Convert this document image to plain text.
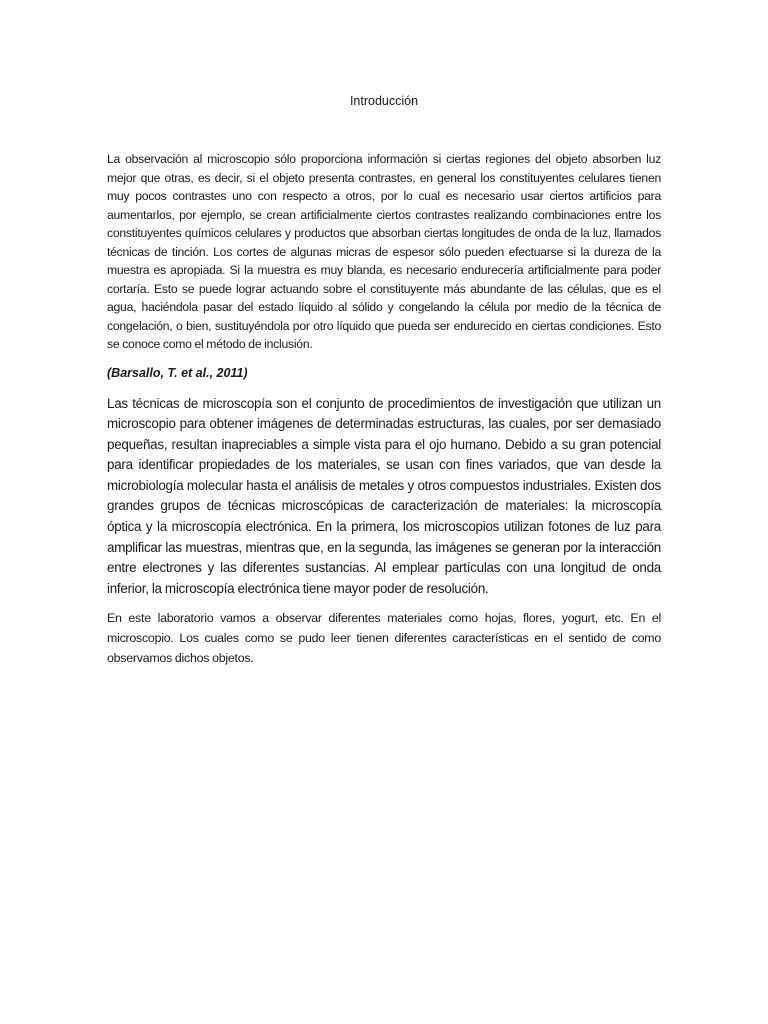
Introducción

La observación al microscopio sólo proporciona información si ciertas regiones del objeto absorben luz mejor que otras, es decir, si el objeto presenta contrastes, en general los constituyentes celulares tienen muy pocos contrastes uno con respecto a otros, por lo cual es necesario usar ciertos artificios para aumentarlos, por ejemplo, se crean artificialmente ciertos contrastes realizando combinaciones entre los constituyentes químicos celulares y productos que absorban ciertas longitudes de onda de la luz, llamados técnicas de tinción. Los cortes de algunas micras de espesor sólo pueden efectuarse si la dureza de la muestra es apropiada. Si la muestra es muy blanda, es necesario endurecería artificialmente para poder cortaría. Esto se puede lograr actuando sobre el constituyente más abundante de las células, que es el agua, haciéndola pasar del estado líquido al sólido y congelando la célula por medio de la técnica de congelación, o bien, sustituyéndola por otro líquido que pueda ser endurecido en ciertas condiciones. Esto se conoce como el método de inclusión.

(Barsallo, T. et al., 2011)

Las técnicas de microscopía son el conjunto de procedimientos de investigación que utilizan un microscopio para obtener imágenes de determinadas estructuras, las cuales, por ser demasiado pequeñas, resultan inapreciables a simple vista para el ojo humano. Debido a su gran potencial para identificar propiedades de los materiales, se usan con fines variados, que van desde la microbiología molecular hasta el análisis de metales y otros compuestos industriales. Existen dos grandes grupos de técnicas microscópicas de caracterización de materiales: la microscopía óptica y la microscopía electrónica. En la primera, los microscopios utilizan fotones de luz para amplificar las muestras, mientras que, en la segunda, las imágenes se generan por la interacción entre electrones y las diferentes sustancias. Al emplear partículas con una longitud de onda inferior, la microscopía electrónica tiene mayor poder de resolución.

En este laboratorio vamos a observar diferentes materiales como hojas, flores, yogurt, etc. En el microscopio. Los cuales como se pudo leer tienen diferentes características en el sentido de como observamos dichos objetos.
